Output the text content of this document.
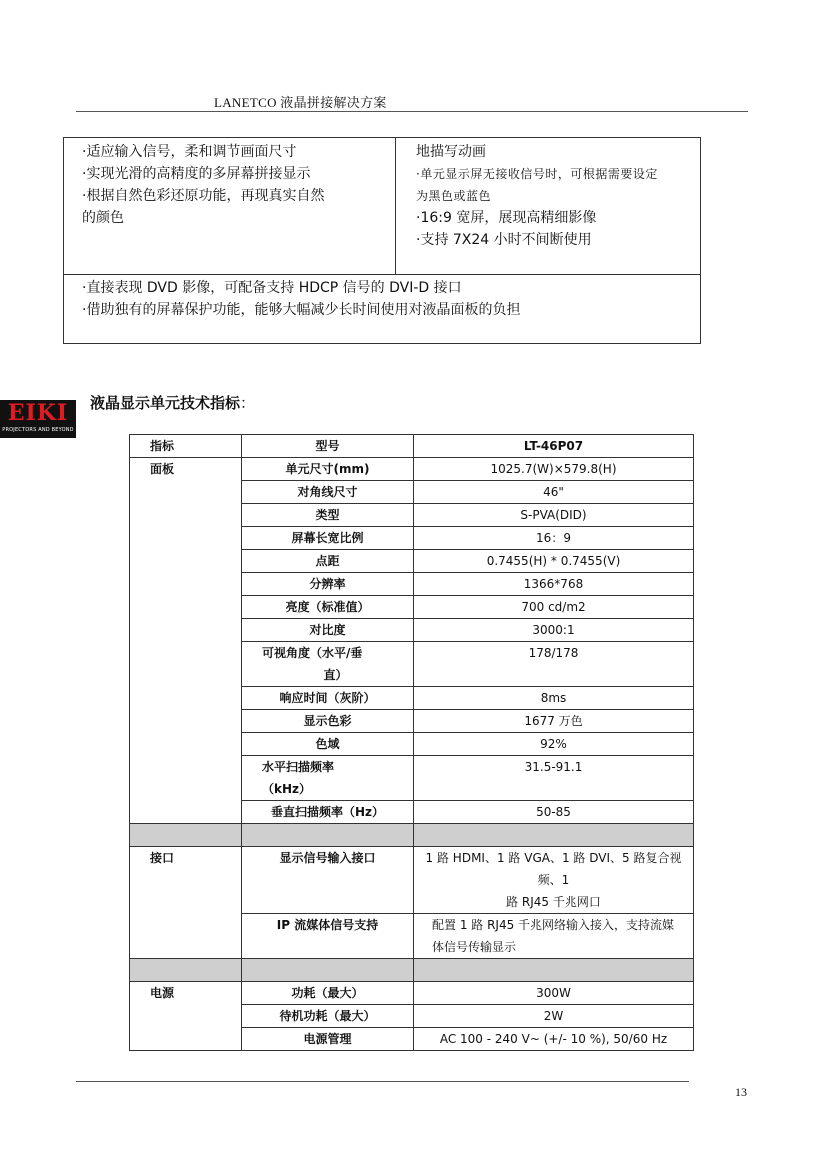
LANETCO 液晶拼接解决方案
·适应输入信号，柔和调节画面尺寸
·实现光滑的高精度的多屏幕拼接显示
·根据自然色彩还原功能，再现真实自然
的颜色

地描写动画
·单元显示屏无接收信号时，可根据需要设定
为黑色或蓝色
·16:9 宽屏，展现高精细影像
·支持 7X24 小时不间断使用

·直接表现 DVD 影像，可配备支持 HDCP 信号的 DVI-D 接口
·借助独有的屏幕保护功能，能够大幅减少长时间使用对液晶面板的负担
EIKI
PROJECTORS AND BEYOND
液晶显示单元技术指标：
指标	型号	LT-46P07
面板	单元尺寸(mm)	1025.7(W)×579.8(H)
	对角线尺寸	46"
	类型	S-PVA(DID)
	屏幕长宽比例	16：9
	点距	0.7455(H) * 0.7455(V)
	分辨率	1366*768
	亮度（标准值）	700 cd/m2
	对比度	3000:1

	可视角度（水平/垂
直）	178/178
	响应时间（灰阶）	8ms
	显示色彩	1677 万色
	色域	92%

	水平扫描频率
（kHz）	31.5-91.1
	垂直扫描频率（Hz）	50-85

接口	显示信号输入接口	1 路 HDMI、1 路 VGA、1 路 DVI、5 路复合视频、1
路 RJ45 千兆网口

	IP 流媒体信号支持	配置 1 路 RJ45 千兆网络输入接入，支持流媒
体信号传输显示

电源	功耗（最大）	300W
	待机功耗（最大）	2W
	电源管理	AC 100 - 240 V~ (+/- 10 %), 50/60 Hz
13
